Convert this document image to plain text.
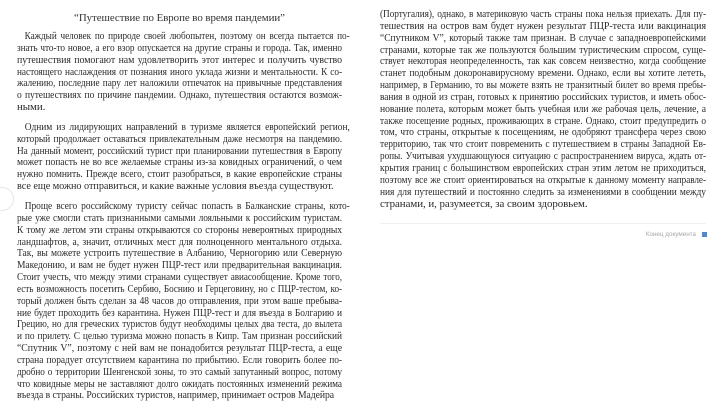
“Путешествие по Европе во время пандемии”
Каждый человек по природе своей любопытен, поэтому он всегда пытается по-
знать что-то новое, а его взор опускается на другие страны и города. Так, именно
путешествия помогают нам удовлетворить этот интерес и получить чувство
настоящего наслаждения от познания иного уклада жизни и ментальности. К со-
жалению, последние пару лет наложили отпечаток на привычные представления
о путешествиях по причине пандемии. Однако, путешествия остаются возмож-
ными.
Одним из лидирующих направлений в туризме является европейский регион,
который продолжает оставаться привлекательным даже несмотря на пандемию.
На данный момент, российский турист при планировании путешествия в Европу
может попасть не во все желаемые страны из-за ковидных ограничений, о чем
нужно помнить. Прежде всего, стоит разобраться, в какие европейские страны
все еще можно отправиться, и какие важные условия въезда существуют.
Проще всего российскому туристу сейчас попасть в Балканские страны, кото-
рые уже смогли стать признанными самыми лояльными к российским туристам.
К тому же летом эти страны открываются со стороны невероятных природных
ландшафтов, а, значит, отличных мест для полноценного ментального отдыха.
Так, вы можете устроить путешествие в Албанию, Черногорию или Северную
Македонию, и вам не будет нужен ПЦР-тест или предварительная вакцинация.
Стоит учесть, что между этими странами существует авиасообщение. Кроме того,
есть возможность посетить Сербию, Боснию и Герцеговину, но с ПЦР-тестом, ко-
торый должен быть сделан за 48 часов до отправления, при этом ваше пребыва-
ние будет проходить без карантина. Нужен ПЦР-тест и для въезда в Болгарию и
Грецию, но для греческих туристов будут необходимы целых два теста, до вылета
и по прилету. С целью туризма можно попасть в Кипр. Там признан российский
“Спутник V”, поэтому с ней вам не понадобится результат ПЦР-теста, а еще
страна порадует отсутствием карантина по прибытию. Если говорить более по-
дробно о территории Шенгенской зоны, то это самый запутанный вопрос, потому
что ковидные меры не заставляют долго ожидать постоянных изменений режима
въезда в страны. Российских туристов, например, принимает остров Мадейра
(Португалия), однако, в материковую часть страны пока нельзя приехать. Для пу-
тешествия на остров вам будет нужен результат ПЦР-теста или вакцинация
“Спутником V”, который также там признан. В случае с западноевропейскими
странами, которые так же пользуются большим туристическим спросом, суще-
ствует некоторая неопределенность, так как совсем неизвестно, когда сообщение
станет подобным докоронавирусному времени. Однако, если вы хотите лететь,
например, в Германию, то вы можете взять не транзитный билет во время пребы-
вания в одной из стран, готовых к принятию российских туристов, и иметь обос-
нование полета, которым может быть учебная или же рабочая цель, лечение, а
также посещение родных, проживающих в стране. Однако, стоит предупредить о
том, что страны, открытые к посещениям, не одобряют трансфера через свою
территорию, так что стоит повременить с путешествием в страны Западной Ев-
ропы. Учитывая ухудшающуюся ситуацию с распространением вируса, ждать от-
крытия границ с большинством европейских стран этим летом не приходиться,
поэтому все же стоит ориентироваться на открытые к данному моменту направле-
ния для путешествий и постоянно следить за изменениями в сообщении между
странами, и, разумеется, за своим здоровьем.
Конец документа
